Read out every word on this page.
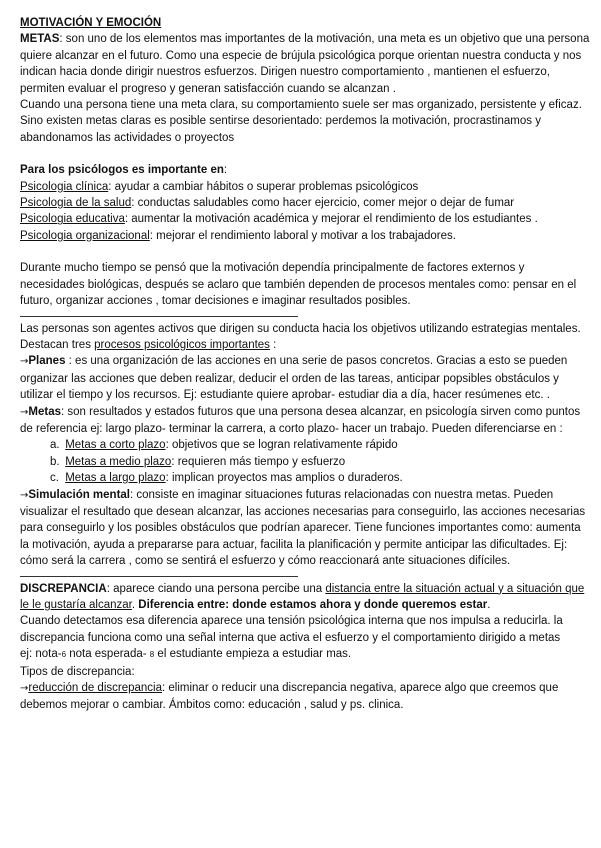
MOTIVACIÓN Y EMOCIÓN

METAS: son uno de los elementos mas importantes de la motivación, una meta es un objetivo que una persona quiere alcanzar en el futuro. Como una especie de brújula psicológica porque orientan nuestra conducta y nos indican hacia donde dirigir nuestros esfuerzos. Dirigen nuestro comportamiento , mantienen el esfuerzo, permiten evaluar el progreso y generan satisfacción cuando se alcanzan .

Cuando una persona tiene una meta clara, su comportamiento suele ser mas organizado, persistente y eficaz.

Sino existen metas claras es posible sentirse desorientado: perdemos la motivación, procrastinamos y abandonamos las actividades o proyectos

Para los psicólogos es importante en:

Psicologia clínica: ayudar a cambiar hábitos o superar problemas psicológicos

Psicologia de la salud: conductas saludables como hacer ejercicio, comer mejor o dejar de fumar

Psicologia educativa: aumentar la motivación académica y mejorar el rendimiento de los estudiantes .

Psicologia organizacional: mejorar el rendimiento laboral y motivar a los trabajadores.

Durante mucho tiempo se pensó que la motivación dependía principalmente de factores externos y necesidades biológicas, después se aclaro que también dependen de procesos mentales como: pensar en el futuro, organizar acciones , tomar decisiones e imaginar resultados posibles.

Las personas son agentes activos que dirigen su conducta hacia los objetivos utilizando estrategias mentales. Destacan tres procesos psicológicos importantes :

→Planes : es una organización de las acciones en una serie de pasos concretos. Gracias a esto se pueden organizar las acciones que deben realizar, deducir el orden de las tareas, anticipar popsibles obstáculos y utilizar el tiempo y los recursos. Ej: estudiante quiere aprobar- estudiar dia a día, hacer resúmenes etc. .

→Metas: son resultados y estados futuros que una persona desea alcanzar, en psicología sirven como puntos de referencia ej: largo plazo- terminar la carrera, a corto plazo- hacer un trabajo. Pueden diferenciarse en :

a. Metas a corto plazo: objetivos que se logran relativamente rápido

b. Metas a medio plazo: requieren más tiempo y esfuerzo

c. Metas a largo plazo: implican proyectos mas amplios o duraderos.

→Simulación mental: consiste en imaginar situaciones futuras relacionadas con nuestra metas. Pueden visualizar el resultado que desean alcanzar, las acciones necesarias para conseguirlo, las acciones necesarias para conseguirlo y los posibles obstáculos que podrían aparecer. Tiene funciones importantes como: aumenta la motivación, ayuda a prepararse para actuar, facilita la planificación y permite anticipar las dificultades. Ej: cómo será la carrera , como se sentirá el esfuerzo y cómo reaccionará ante situaciones difíciles.

DISCREPANCIA: aparece ciando una persona percibe una distancia entre la situación actual y a situación que le le gustaría alcanzar. Diferencia entre: donde estamos ahora y donde queremos estar.

Cuando detectamos esa diferencia aparece una tensión psicológica interna que nos impulsa a reducirla. la discrepancia funciona como una señal interna que activa el esfuerzo y el comportamiento dirigido a metas

ej: nota-6 nota esperada- 8 el estudiante empieza a estudiar mas.

Tipos de discrepancia:

→reducción de discrepancia: eliminar o reducir una discrepancia negativa, aparece algo que creemos que debemos mejorar o cambiar. Ámbitos como: educación , salud y ps. clinica.
